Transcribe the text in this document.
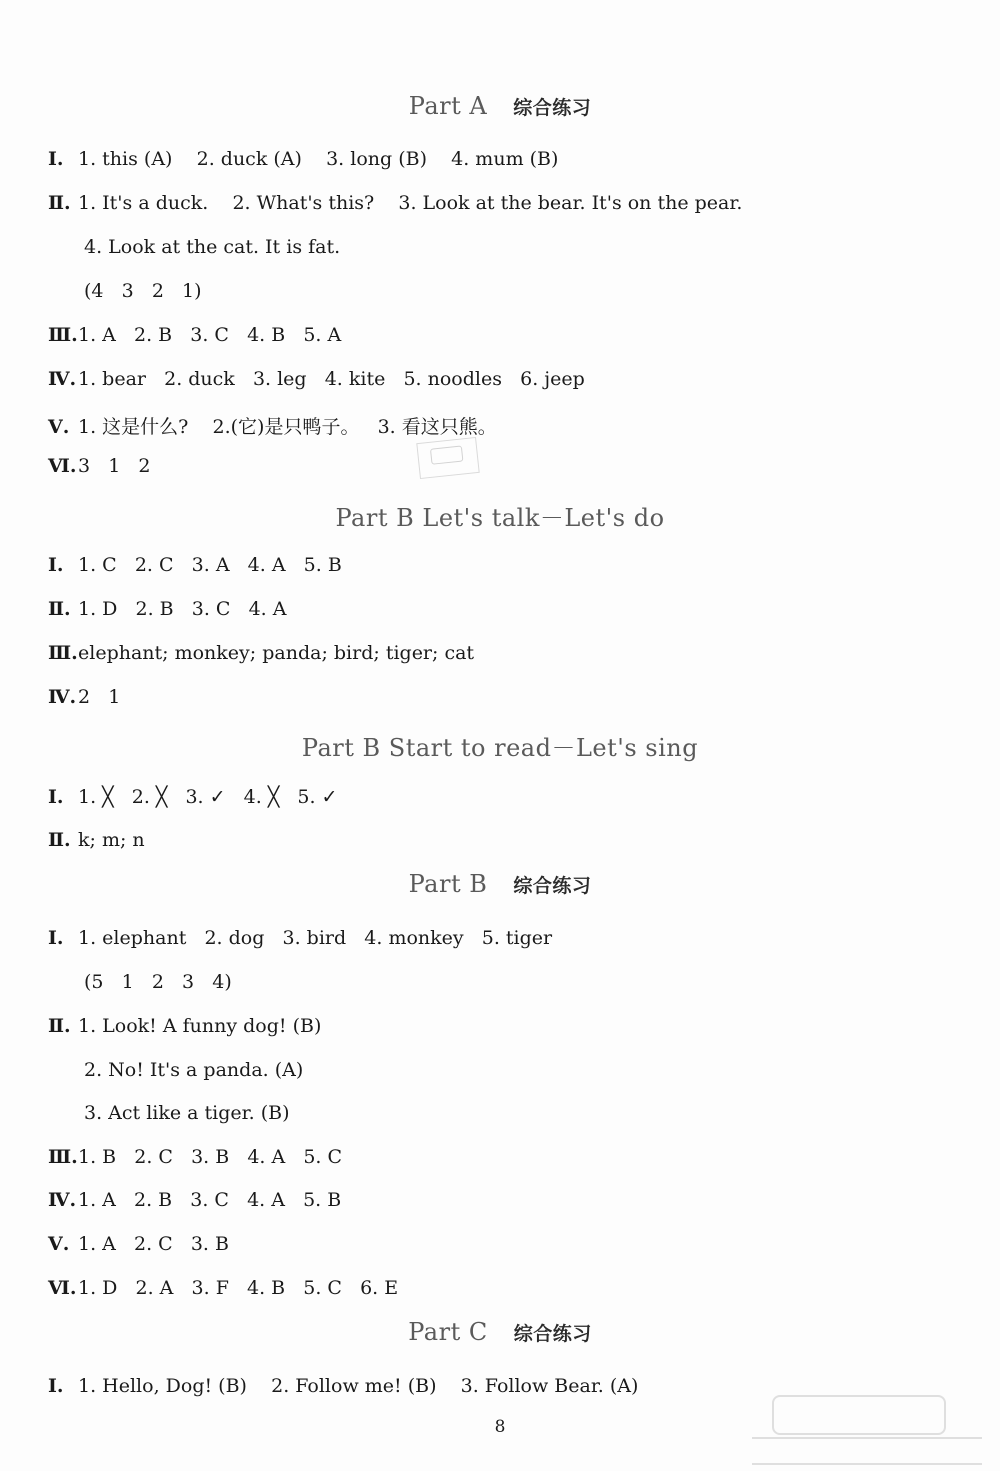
Part A 综合练习
Ⅰ. 1. this (A)    2. duck (A)    3. long (B)    4. mum (B)
Ⅱ. 1. It's a duck.    2. What's this?    3. Look at the bear. It's on the pear.
4. Look at the cat. It is fat.
(4   3   2   1)
Ⅲ.1. A   2. B   3. C   4. B   5. A
Ⅳ.1. bear   2. duck   3. leg   4. kite   5. noodles   6. jeep
Ⅴ. 1. 这是什么?    2.(它)是只鸭子。   3. 看这只熊。
Ⅵ.3   1   2
Part B Let's talk－Let's do
Ⅰ. 1. C   2. C   3. A   4. A   5. B
Ⅱ. 1. D   2. B   3. C   4. A
Ⅲ.elephant; monkey; panda; bird; tiger; cat
Ⅳ.2   1
Part B Start to read－Let's sing
Ⅰ. 1. ╳   2. ╳   3. ✓   4. ╳   5. ✓
Ⅱ. k; m; n
Part B 综合练习
Ⅰ. 1. elephant   2. dog   3. bird   4. monkey   5. tiger
(5   1   2   3   4)
Ⅱ. 1. Look! A funny dog! (B)
2. No! It's a panda. (A)
3. Act like a tiger. (B)
Ⅲ.1. B   2. C   3. B   4. A   5. C
Ⅳ.1. A   2. B   3. C   4. A   5. B
Ⅴ. 1. A   2. C   3. B
Ⅵ.1. D   2. A   3. F   4. B   5. C   6. E
Part C 综合练习
Ⅰ. 1. Hello, Dog! (B)    2. Follow me! (B)    3. Follow Bear. (A)
8
